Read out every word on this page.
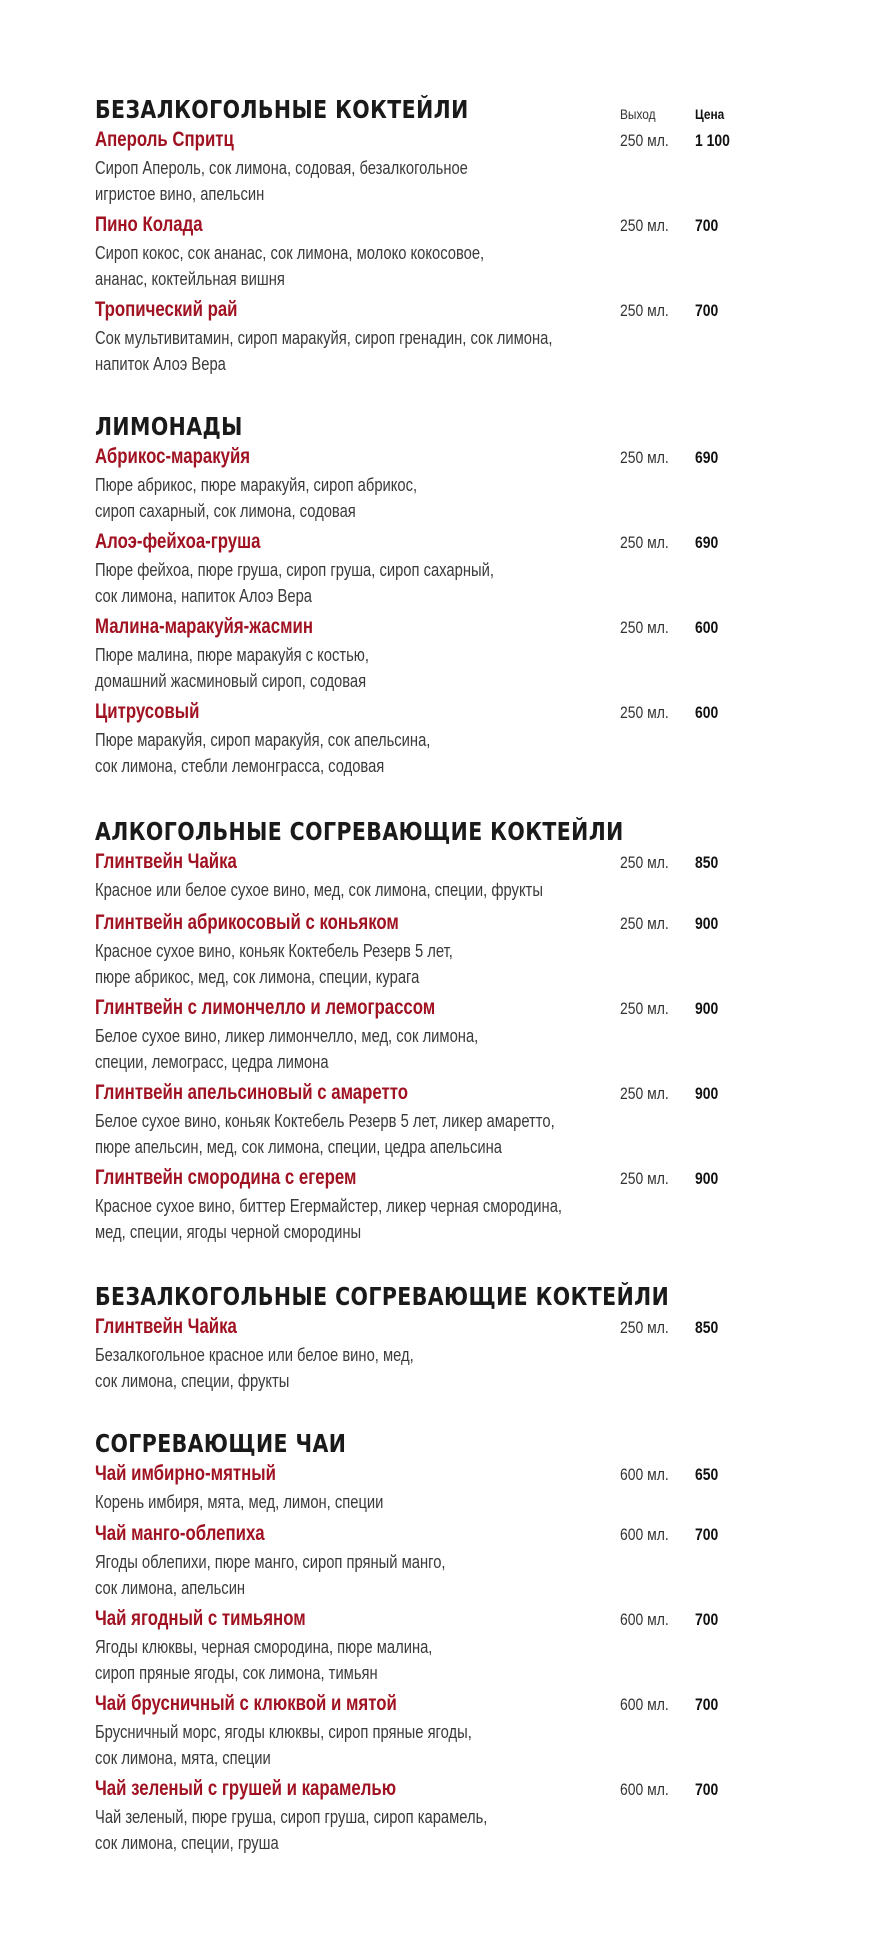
БЕЗАЛКОГОЛЬНЫЕ КОКТЕЙЛИ	Выход	Цена
Апероль Спритц
Сироп Апероль, сок лимона, содовая, безалкогольное
игристое вино, апельсин
250 мл. 1 100
Пино Колада
Сироп кокос, сок ананас, сок лимона, молоко кокосовое,
ананас, коктейльная вишня
250 мл. 700
Тропический рай
Сок мультивитамин, сироп маракуйя, сироп гренадин, сок лимона,
напиток Алоэ Вера
250 мл. 700
ЛИМОНАДЫ
Абрикос-маракуйя
Пюре абрикос, пюре маракуйя, сироп абрикос,
сироп сахарный, сок лимона, содовая
250 мл. 690
Алоэ-фейхоа-груша
Пюре фейхоа, пюре груша, сироп груша, сироп сахарный,
сок лимона, напиток Алоэ Вера
250 мл. 690
Малина-маракуйя-жасмин
Пюре малина, пюре маракуйя с костью,
домашний жасминовый сироп, содовая
250 мл. 600
Цитрусовый
Пюре маракуйя, сироп маракуйя, сок апельсина,
сок лимона, стебли лемонграсса, содовая
250 мл. 600
АЛКОГОЛЬНЫЕ СОГРЕВАЮЩИЕ КОКТЕЙЛИ
Глинтвейн Чайка
Красное или белое сухое вино, мед, сок лимона, специи, фрукты
250 мл. 850
Глинтвейн абрикосовый с коньяком
Красное сухое вино, коньяк Коктебель Резерв 5 лет,
пюре абрикос, мед, сок лимона, специи, курага
250 мл. 900
Глинтвейн с лимончелло и лемограссом
Белое сухое вино, ликер лимончелло, мед, сок лимона,
специи, лемограсс, цедра лимона
250 мл. 900
Глинтвейн апельсиновый с амаретто
Белое сухое вино, коньяк Коктебель Резерв 5 лет, ликер амаретто,
пюре апельсин, мед, сок лимона, специи, цедра апельсина
250 мл. 900
Глинтвейн смородина с егерем
Красное сухое вино, биттер Егермайстер, ликер черная смородина,
мед, специи, ягоды черной смородины
250 мл. 900
БЕЗАЛКОГОЛЬНЫЕ СОГРЕВАЮЩИЕ КОКТЕЙЛИ
Глинтвейн Чайка
Безалкогольное красное или белое вино, мед,
сок лимона, специи, фрукты
250 мл. 850
СОГРЕВАЮЩИЕ ЧАИ
Чай имбирно-мятный
Корень имбиря, мята, мед, лимон, специи
600 мл. 650
Чай манго-облепиха
Ягоды облепихи, пюре манго, сироп пряный манго,
сок лимона, апельсин
600 мл. 700
Чай ягодный с тимьяном
Ягоды клюквы, черная смородина, пюре малина,
сироп пряные ягоды, сок лимона, тимьян
600 мл. 700
Чай брусничный с клюквой и мятой
Брусничный морс, ягоды клюквы, сироп пряные ягоды,
сок лимона, мята, специи
600 мл. 700
Чай зеленый с грушей и карамелью
Чай зеленый, пюре груша, сироп груша, сироп карамель,
сок лимона, специи, груша
600 мл. 700
